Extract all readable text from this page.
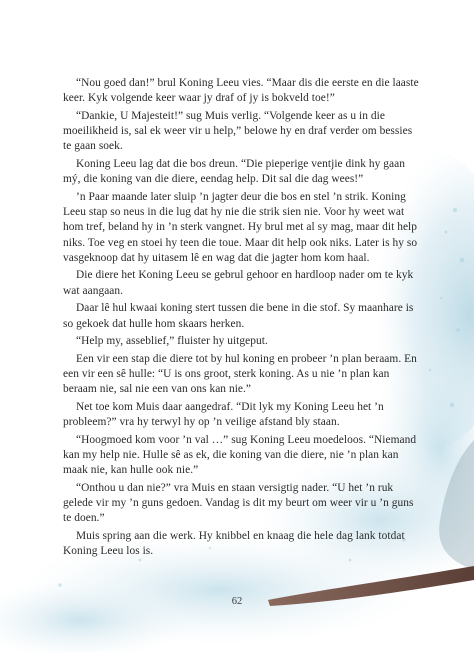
“Nou goed dan!” brul Koning Leeu vies. “Maar dis die eerste en die laaste keer. Kyk volgende keer waar jy draf of jy is bokveld toe!”

“Dankie, U Majesteit!” sug Muis verlig. “Volgende keer as u in die moeilikheid is, sal ek weer vir u help,” belowe hy en draf verder om bessies te gaan soek.

Koning Leeu lag dat die bos dreun. “Die pieperige ventjie dink hy gaan mý, die koning van die diere, eendag help. Dit sal die dag wees!”

’n Paar maande later sluip ’n jagter deur die bos en stel ’n strik. Koning Leeu stap so neus in die lug dat hy nie die strik sien nie. Voor hy weet wat hom tref, beland hy in ’n sterk vangnet. Hy brul met al sy mag, maar dit help niks. Toe veg en stoei hy teen die toue. Maar dit help ook niks. Later is hy so vasgeknoop dat hy uitasem lê en wag dat die jagter hom kom haal.

Die diere het Koning Leeu se gebrul gehoor en hardloop nader om te kyk wat aangaan.

Daar lê hul kwaai koning stert tussen die bene in die stof. Sy maanhare is so gekoek dat hulle hom skaars herken.

“Help my, asseblief,” fluister hy uitgeput.

Een vir een stap die diere tot by hul koning en probeer ’n plan beraam. En een vir een sê hulle: “U is ons groot, sterk koning. As u nie ’n plan kan beraam nie, sal nie een van ons kan nie.”

Net toe kom Muis daar aangedraf. “Dit lyk my Koning Leeu het ’n probleem?” vra hy terwyl hy op ’n veilige afstand bly staan.

“Hoogmoed kom voor ’n val …” sug Koning Leeu moedeloos. “Niemand kan my help nie. Hulle sê as ek, die koning van die diere, nie ’n plan kan maak nie, kan hulle ook nie.”

“Onthou u dan nie?” vra Muis en staan versigtig nader. “U het ’n ruk gelede vir my ’n guns gedoen. Vandag is dit my beurt om weer vir u ’n guns te doen.”

Muis spring aan die werk. Hy knibbel en knaag die hele dag lank totdat Koning Leeu los is.

62
